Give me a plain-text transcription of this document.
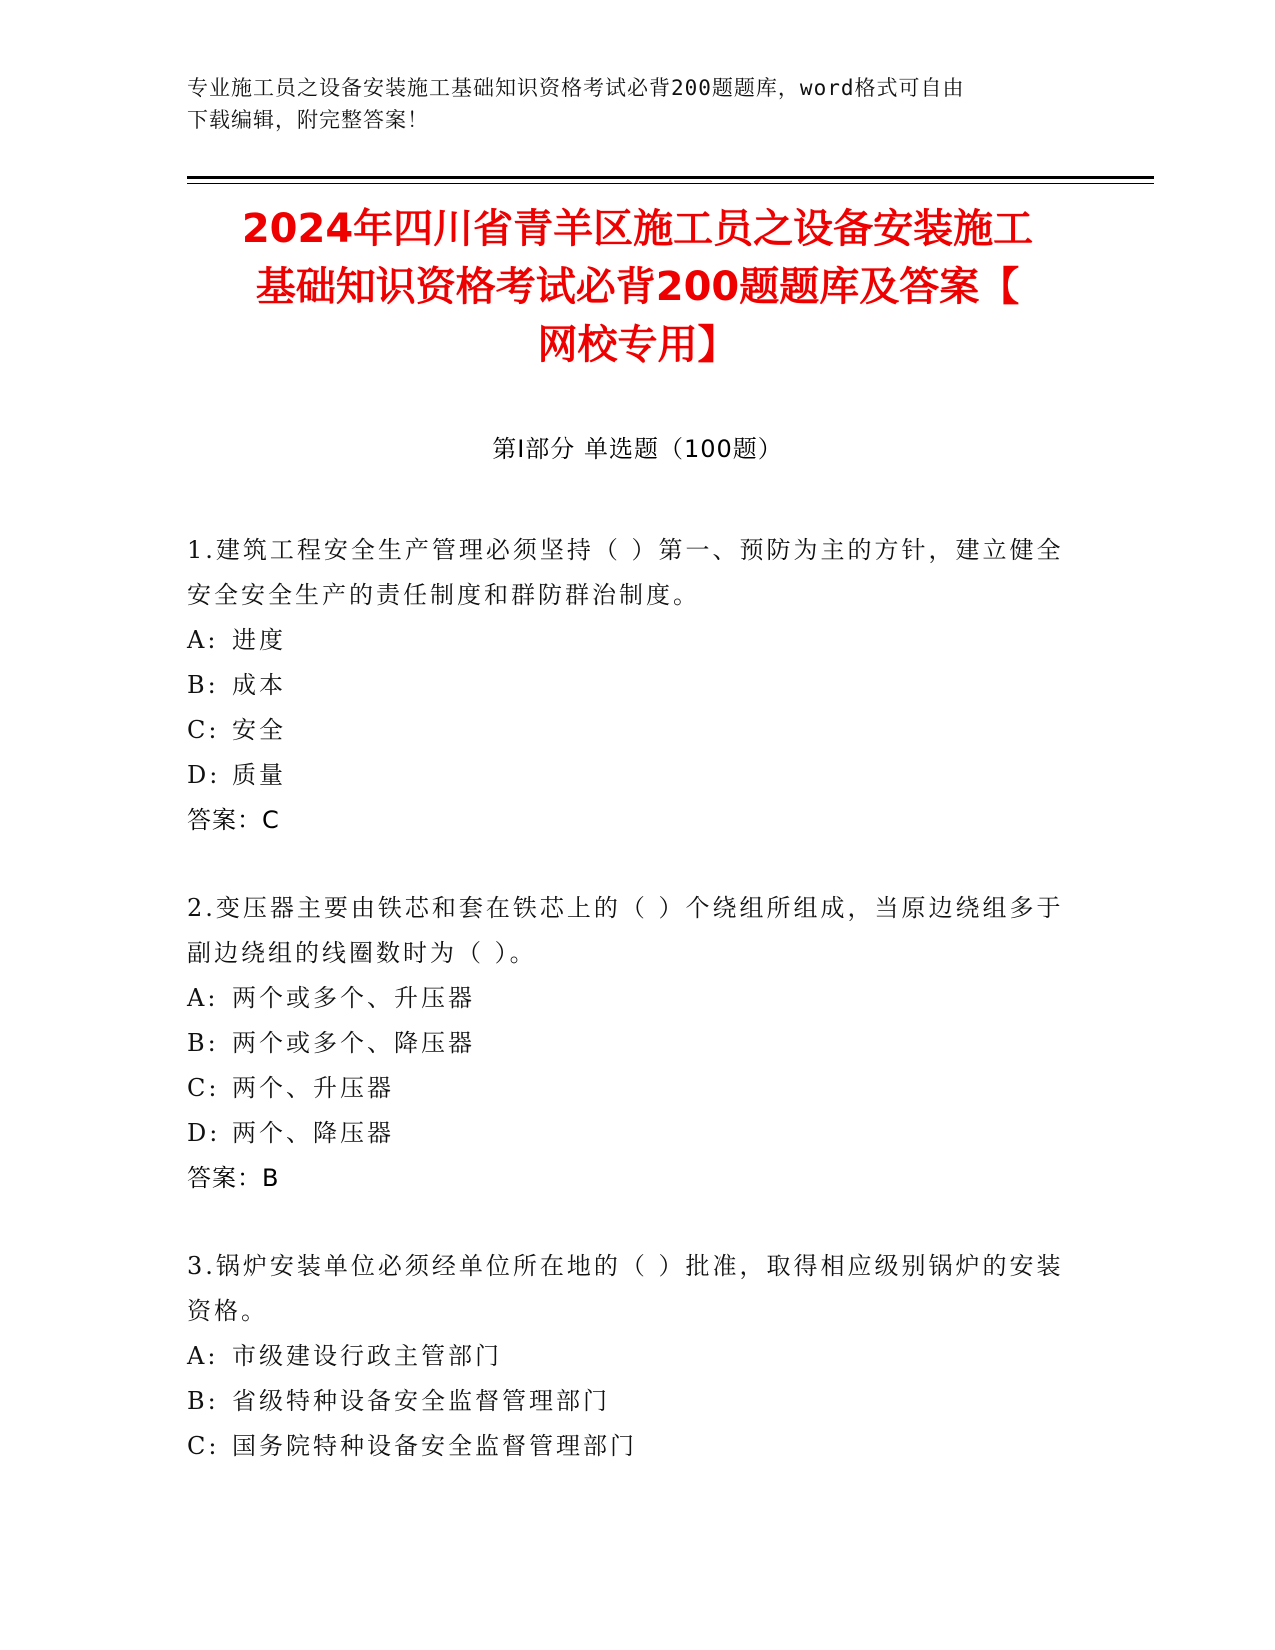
专业施工员之设备安装施工基础知识资格考试必背200题题库，word格式可自由
下载编辑，附完整答案！
2024年四川省青羊区施工员之设备安装施工
基础知识资格考试必背200题题库及答案【
网校专用】
第Ⅰ部分 单选题（100题）
1.建筑工程安全生产管理必须坚持（ ）第一、预防为主的方针，建立健全安全安全生产的责任制度和群防群治制度。
A: 进度
B: 成本
C: 安全
D: 质量
答案：C
2.变压器主要由铁芯和套在铁芯上的（ ）个绕组所组成，当原边绕组多于副边绕组的线圈数时为（ ）。
A: 两个或多个、升压器
B: 两个或多个、降压器
C: 两个、升压器
D: 两个、降压器
答案：B
3.锅炉安装单位必须经单位所在地的（ ）批准，取得相应级别锅炉的安装资格。
A: 市级建设行政主管部门
B: 省级特种设备安全监督管理部门
C: 国务院特种设备安全监督管理部门
